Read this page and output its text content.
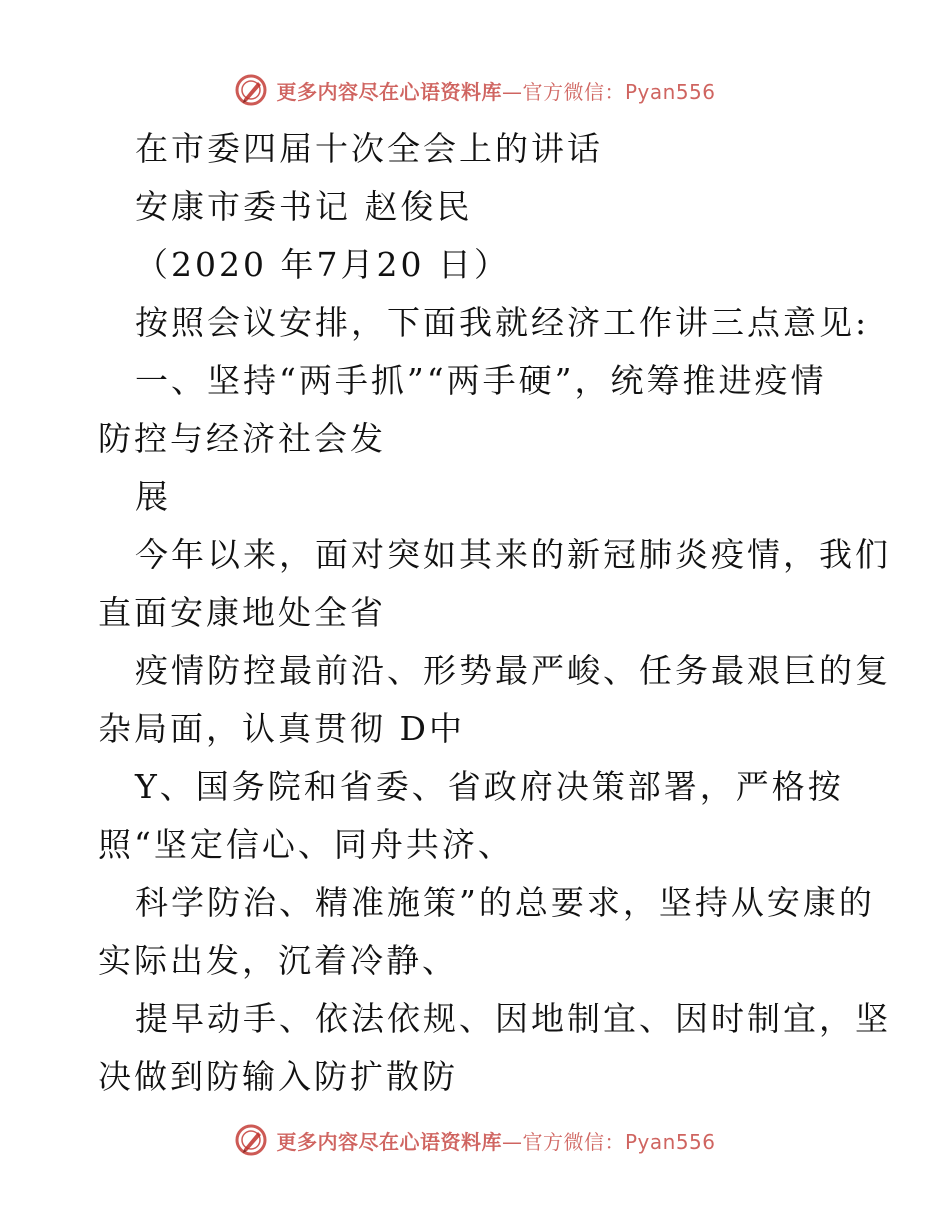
更多内容尽在心语资料库—官方微信：Pyan556
在市委四届十次全会上的讲话
安康市委书记 赵俊民
（2020 年7月20 日）
按照会议安排，下面我就经济工作讲三点意见:
一、坚持“两手抓”“两手硬”，统筹推进疫情
防控与经济社会发
展
今年以来，面对突如其来的新冠肺炎疫情，我们
直面安康地处全省
疫情防控最前沿、形势最严峻、任务最艰巨的复
杂局面，认真贯彻 D中
Y、国务院和省委、省政府决策部署，严格按
照“坚定信心、同舟共济、
科学防治、精准施策”的总要求，坚持从安康的
实际出发，沉着冷静、
提早动手、依法依规、因地制宜、因时制宜，坚
决做到防输入防扩散防
更多内容尽在心语资料库—官方微信：Pyan556
